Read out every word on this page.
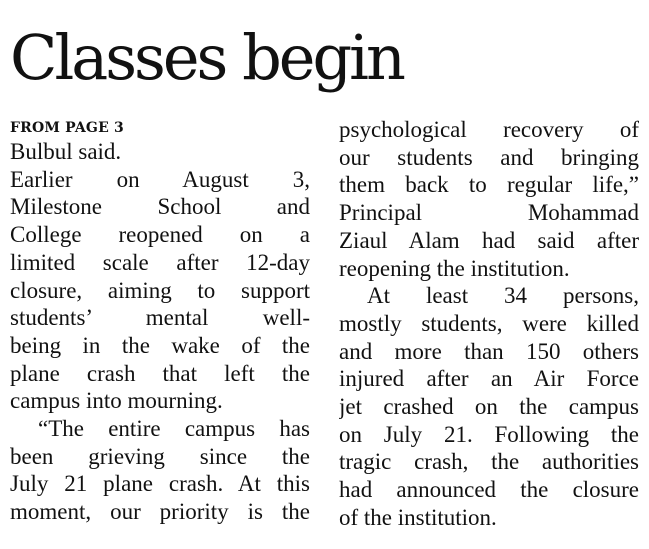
Classes begin
FROM PAGE 3
Bulbul said.
Earlier on August 3,
Milestone School and
College reopened on a
limited scale after 12-day
closure, aiming to support
students’ mental well-
being in the wake of the
plane crash that left the
campus into mourning.
“The entire campus has
been grieving since the
July 21 plane crash. At this
moment, our priority is the
psychological recovery of
our students and bringing
them back to regular life,”
Principal Mohammad
Ziaul Alam had said after
reopening the institution.
At least 34 persons,
mostly students, were killed
and more than 150 others
injured after an Air Force
jet crashed on the campus
on July 21. Following the
tragic crash, the authorities
had announced the closure
of the institution.
